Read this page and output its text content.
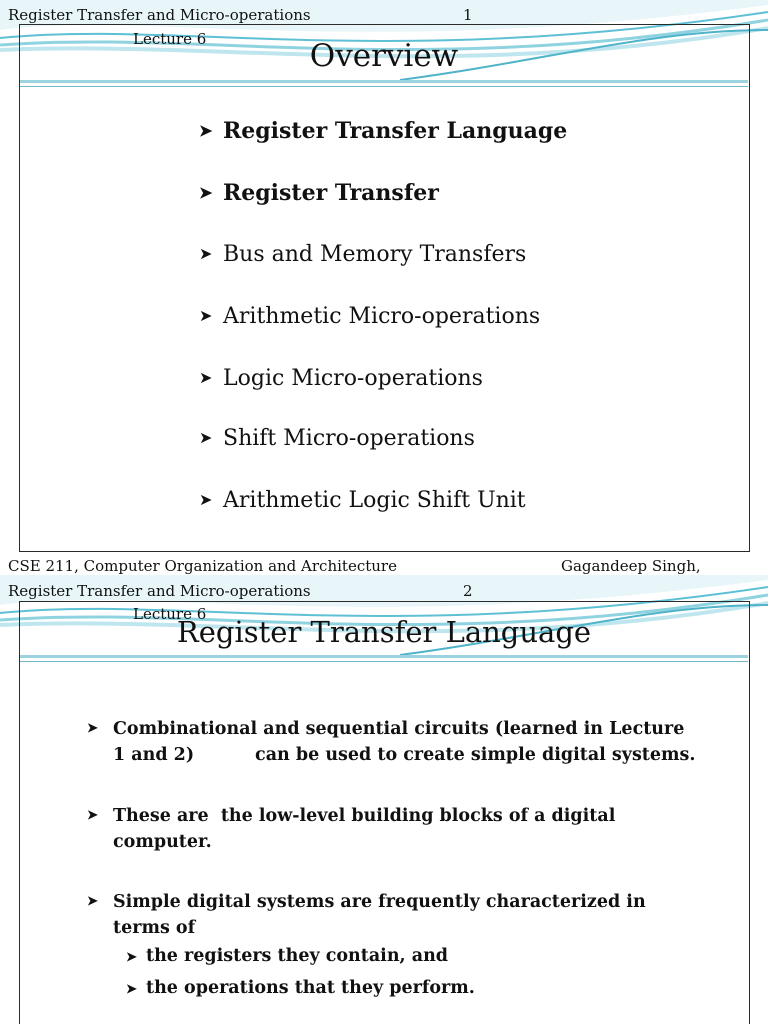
Register Transfer and Micro-operations	1
Lecture 6	Overview
➤ Register Transfer Language
➤ Register Transfer
➤ Bus and Memory Transfers
➤ Arithmetic Micro-operations
➤ Logic Micro-operations
➤ Shift Micro-operations
➤ Arithmetic Logic Shift Unit
CSE 211, Computer Organization and Architecture	Gagandeep Singh,
Register Transfer and Micro-operations	2
Lecture 6
Register Transfer Language
➤ Combinational and sequential circuits (learned in Lecture
1 and 2)          can be used to create simple digital systems.
➤ These are  the low-level building blocks of a digital
computer.
➤ Simple digital systems are frequently characterized in
terms of
➤ the registers they contain, and
➤ the operations that they perform.
